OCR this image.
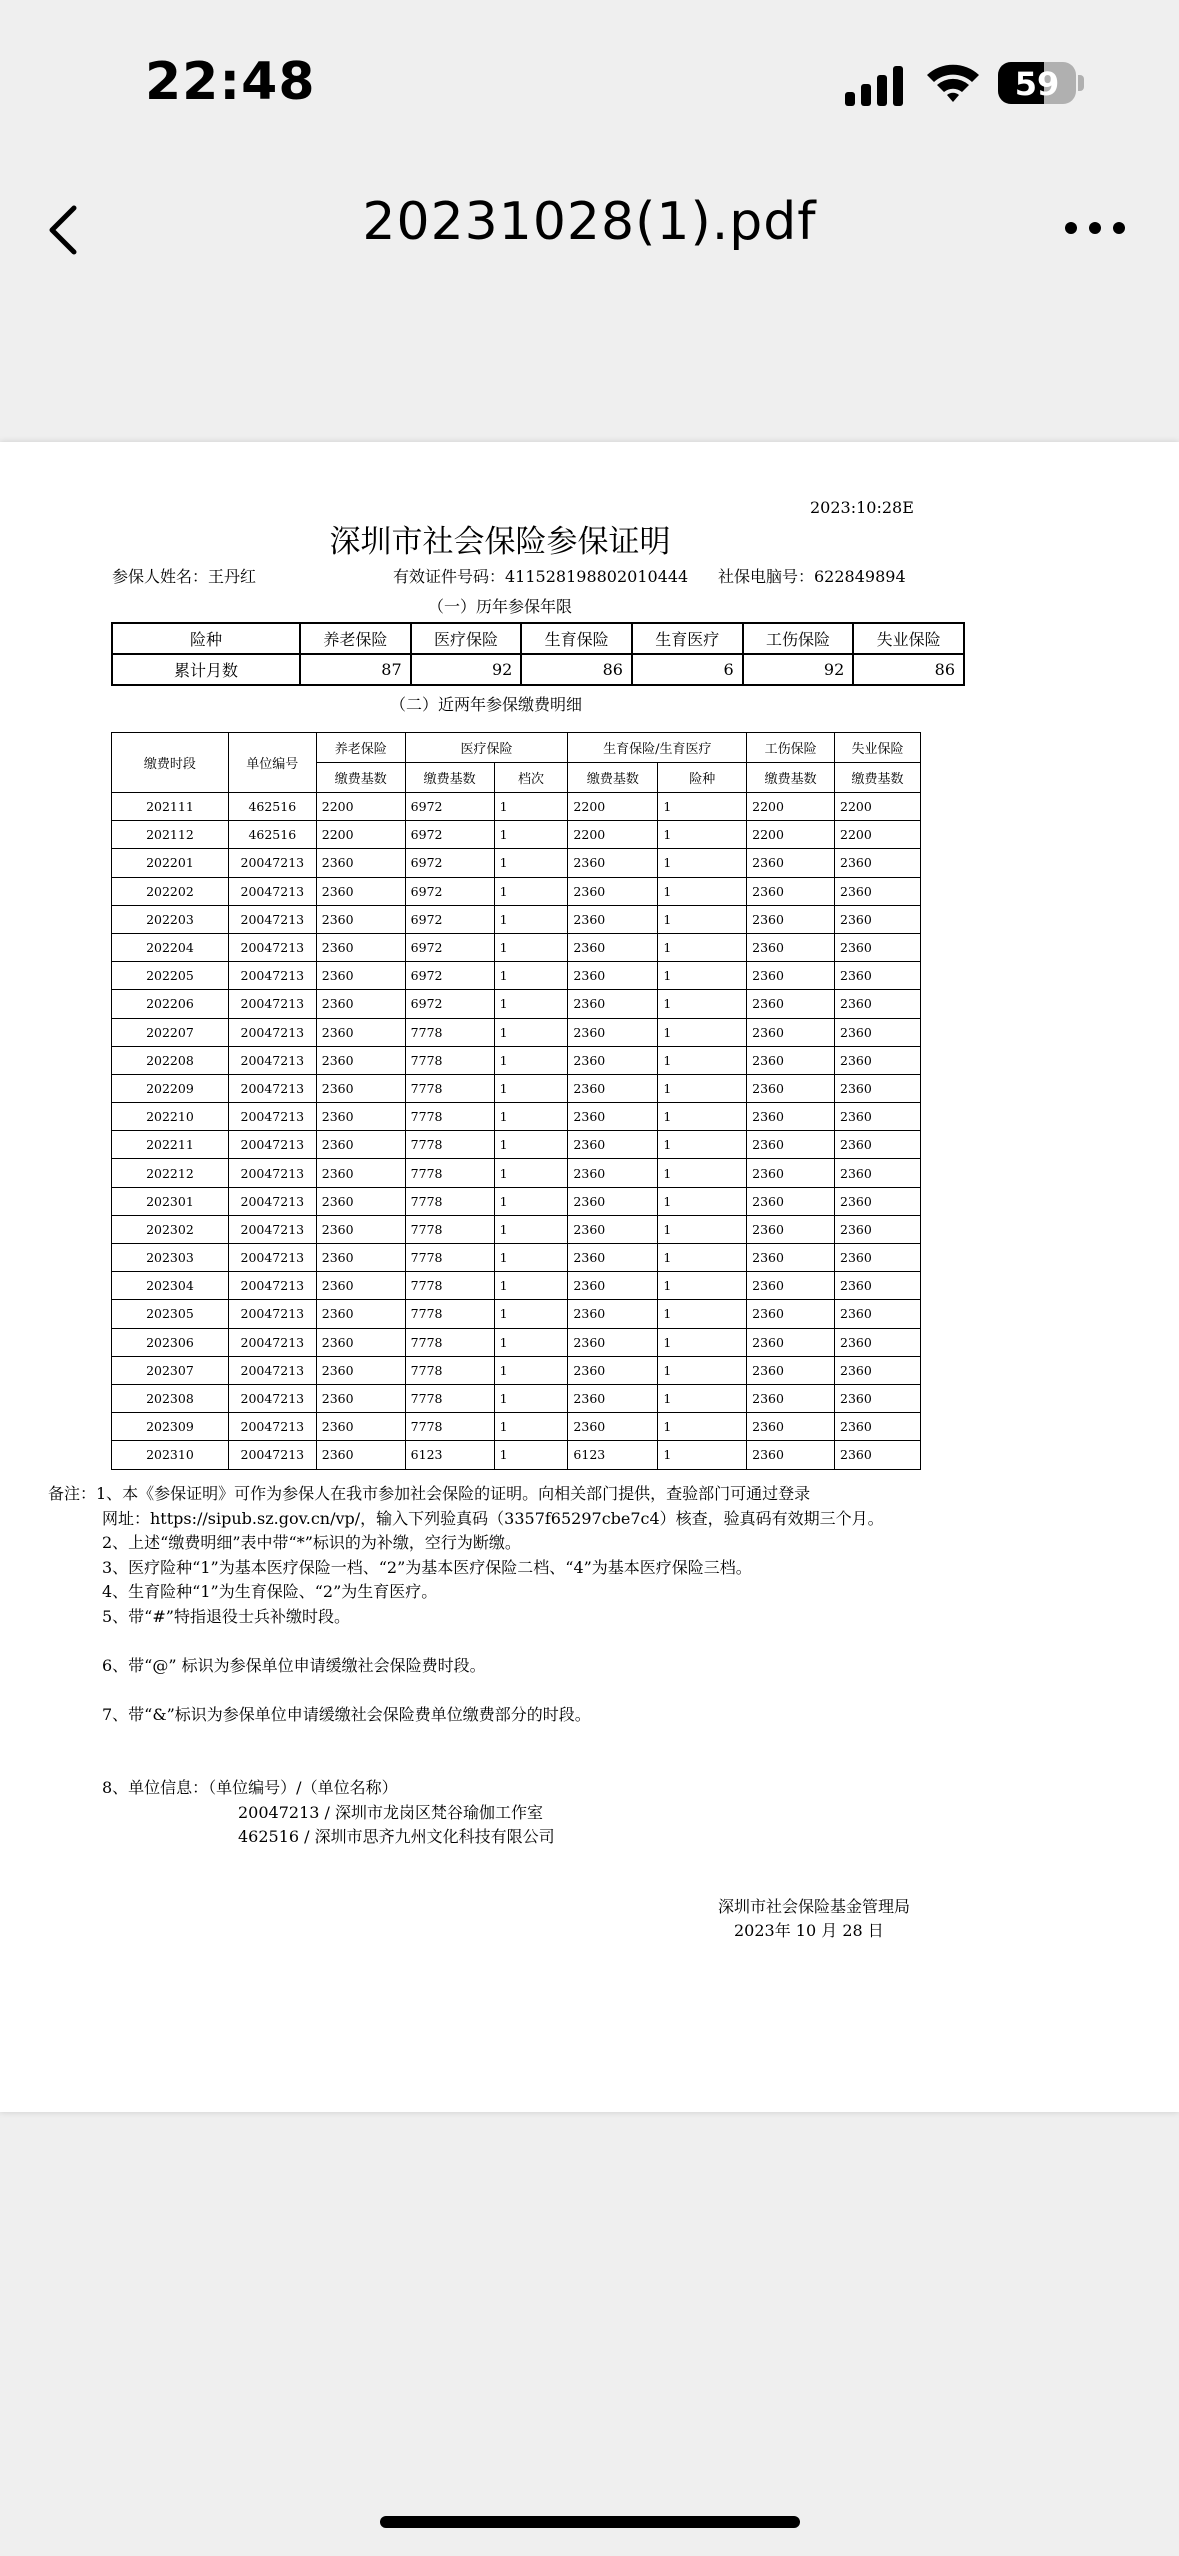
22:48	59
20231028(1).pdf
2023:10:28E
深圳市社会保险参保证明
参保人姓名：王丹红	有效证件号码：411528198802010444 社保电脑号：622849894
（一）历年参保年限
险种	养老保险	医疗保险	生育保险	生育医疗	工伤保险	失业保险
累计月数	87	92	86	6	92	86
（二）近两年参保缴费明细
缴费时段	单位编号	养老保险	医疗保险		生育保险/生育医疗		工伤保险	失业保险
		缴费基数	缴费基数	档次	缴费基数	险种	缴费基数	缴费基数
202111	462516	2200	6972	1	2200	1	2200	2200
202112	462516	2200	6972	1	2200	1	2200	2200
202201	20047213	2360	6972	1	2360	1	2360	2360
202202	20047213	2360	6972	1	2360	1	2360	2360
202203	20047213	2360	6972	1	2360	1	2360	2360
202204	20047213	2360	6972	1	2360	1	2360	2360
202205	20047213	2360	6972	1	2360	1	2360	2360
202206	20047213	2360	6972	1	2360	1	2360	2360
202207	20047213	2360	7778	1	2360	1	2360	2360
202208	20047213	2360	7778	1	2360	1	2360	2360
202209	20047213	2360	7778	1	2360	1	2360	2360
202210	20047213	2360	7778	1	2360	1	2360	2360
202211	20047213	2360	7778	1	2360	1	2360	2360
202212	20047213	2360	7778	1	2360	1	2360	2360
202301	20047213	2360	7778	1	2360	1	2360	2360
202302	20047213	2360	7778	1	2360	1	2360	2360
202303	20047213	2360	7778	1	2360	1	2360	2360
202304	20047213	2360	7778	1	2360	1	2360	2360
202305	20047213	2360	7778	1	2360	1	2360	2360
202306	20047213	2360	7778	1	2360	1	2360	2360
202307	20047213	2360	7778	1	2360	1	2360	2360
202308	20047213	2360	7778	1	2360	1	2360	2360
202309	20047213	2360	7778	1	2360	1	2360	2360
202310	20047213	2360	6123	1	6123	1	2360	2360
备注：1、本《参保证明》可作为参保人在我市参加社会保险的证明。向相关部门提供，查验部门可通过登录
网址：https://sipub.sz.gov.cn/vp/，输入下列验真码（3357f65297cbe7c4）核查，验真码有效期三个月。
2、上述“缴费明细”表中带“*”标识的为补缴，空行为断缴。
3、医疗险种“1”为基本医疗保险一档、“2”为基本医疗保险二档、“4”为基本医疗保险三档。
4、生育险种“1”为生育保险、“2”为生育医疗。
5、带“#”特指退役士兵补缴时段。

6、带“@” 标识为参保单位申请缓缴社会保险费时段。

7、带“&”标识为参保单位申请缓缴社会保险费单位缴费部分的时段。

8、单位信息：（单位编号）/（单位名称）
20047213 / 深圳市龙岗区梵谷瑜伽工作室
462516 / 深圳市思齐九州文化科技有限公司
深圳市社会保险基金管理局
2023年 10 月 28 日
